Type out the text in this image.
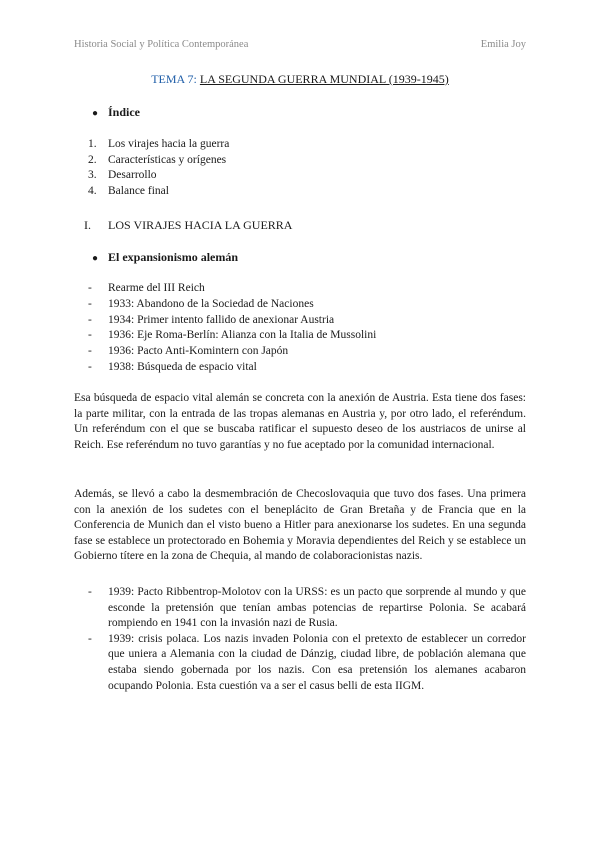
Historia Social y Política Contemporánea	Emilia Joy
TEMA 7: LA SEGUNDA GUERRA MUNDIAL (1939-1945)
● Índice
1. Los virajes hacia la guerra
2. Características y orígenes
3. Desarrollo
4. Balance final
I. LOS VIRAJES HACIA LA GUERRA
● El expansionismo alemán
- Rearme del III Reich
- 1933: Abandono de la Sociedad de Naciones
- 1934: Primer intento fallido de anexionar Austria
- 1936: Eje Roma-Berlín: Alianza con la Italia de Mussolini
- 1936: Pacto Anti-Komintern con Japón
- 1938: Búsqueda de espacio vital

Esa búsqueda de espacio vital alemán se concreta con la anexión de Austria. Esta tiene dos fases: la parte militar, con la entrada de las tropas alemanas en Austria y, por otro lado, el referéndum. Un referéndum con el que se buscaba ratificar el supuesto deseo de los austriacos de unirse al Reich. Ese referéndum no tuvo garantías y no fue aceptado por la comunidad internacional.

Además, se llevó a cabo la desmembración de Checoslovaquia que tuvo dos fases. Una primera con la anexión de los sudetes con el beneplácito de Gran Bretaña y de Francia que en la Conferencia de Munich dan el visto bueno a Hitler para anexionarse los sudetes. En una segunda fase se establece un protectorado en Bohemia y Moravia dependientes del Reich y se establece un Gobierno títere en la zona de Chequia, al mando de colaboracionistas nazis.

- 1939: Pacto Ribbentrop-Molotov con la URSS: es un pacto que sorprende al mundo y que esconde la pretensión que tenían ambas potencias de repartirse Polonia. Se acabará rompiendo en 1941 con la invasión nazi de Rusia.
- 1939: crisis polaca. Los nazis invaden Polonia con el pretexto de establecer un corredor que uniera a Alemania con la ciudad de Dánzig, ciudad libre, de población alemana que estaba siendo gobernada por los nazis. Con esa pretensión los alemanes acabaron ocupando Polonia. Esta cuestión va a ser el casus belli de esta IIGM.
